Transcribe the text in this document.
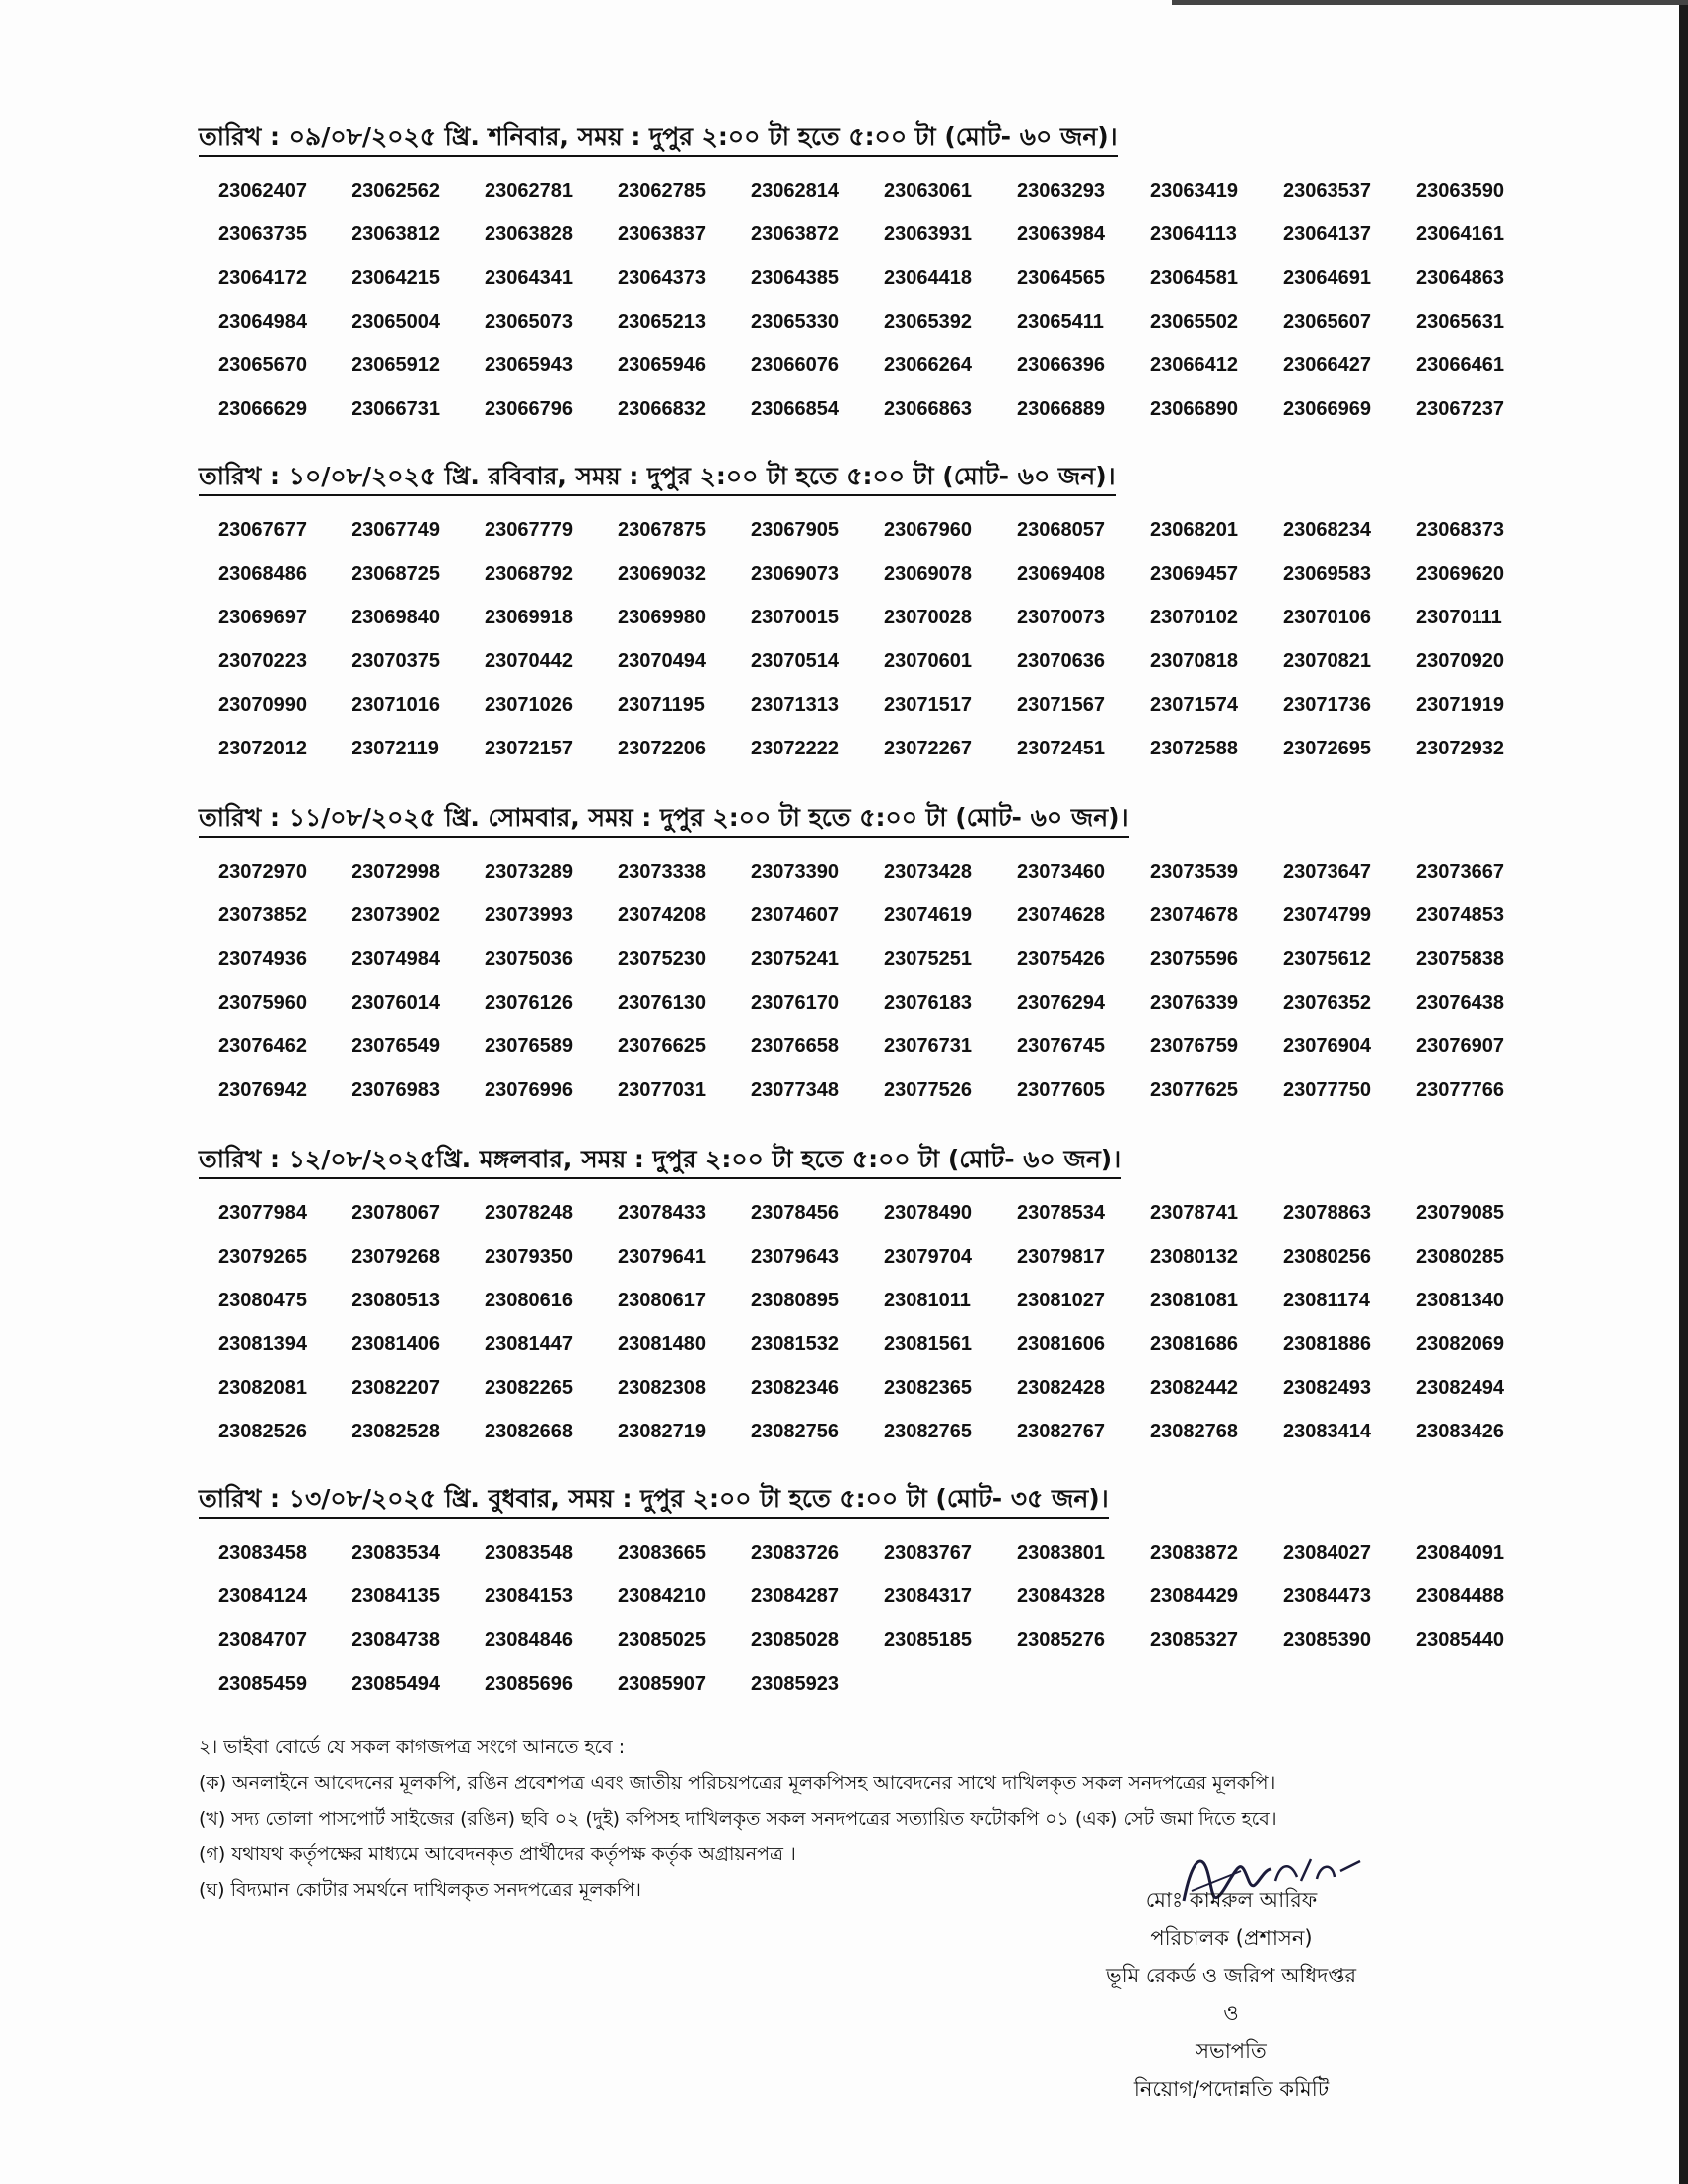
তারিখ : ০৯/০৮/২০২৫ খ্রি. শনিবার, সময় : দুপুর ২:০০ টা হতে ৫:০০ টা (মোট- ৬০ জন)।
23062407	23062562	23062781	23062785	23062814	23063061	23063293	23063419	23063537	23063590
23063735	23063812	23063828	23063837	23063872	23063931	23063984	23064113	23064137	23064161
23064172	23064215	23064341	23064373	23064385	23064418	23064565	23064581	23064691	23064863
23064984	23065004	23065073	23065213	23065330	23065392	23065411	23065502	23065607	23065631
23065670	23065912	23065943	23065946	23066076	23066264	23066396	23066412	23066427	23066461
23066629	23066731	23066796	23066832	23066854	23066863	23066889	23066890	23066969	23067237
তারিখ : ১০/০৮/২০২৫ খ্রি. রবিবার, সময় : দুপুর ২:০০ টা হতে ৫:০০ টা (মোট- ৬০ জন)।
23067677	23067749	23067779	23067875	23067905	23067960	23068057	23068201	23068234	23068373
23068486	23068725	23068792	23069032	23069073	23069078	23069408	23069457	23069583	23069620
23069697	23069840	23069918	23069980	23070015	23070028	23070073	23070102	23070106	23070111
23070223	23070375	23070442	23070494	23070514	23070601	23070636	23070818	23070821	23070920
23070990	23071016	23071026	23071195	23071313	23071517	23071567	23071574	23071736	23071919
23072012	23072119	23072157	23072206	23072222	23072267	23072451	23072588	23072695	23072932
তারিখ : ১১/০৮/২০২৫ খ্রি. সোমবার, সময় : দুপুর ২:০০ টা হতে ৫:০০ টা (মোট- ৬০ জন)।
23072970	23072998	23073289	23073338	23073390	23073428	23073460	23073539	23073647	23073667
23073852	23073902	23073993	23074208	23074607	23074619	23074628	23074678	23074799	23074853
23074936	23074984	23075036	23075230	23075241	23075251	23075426	23075596	23075612	23075838
23075960	23076014	23076126	23076130	23076170	23076183	23076294	23076339	23076352	23076438
23076462	23076549	23076589	23076625	23076658	23076731	23076745	23076759	23076904	23076907
23076942	23076983	23076996	23077031	23077348	23077526	23077605	23077625	23077750	23077766
তারিখ : ১২/০৮/২০২৫খ্রি. মঙ্গলবার, সময় : দুপুর ২:০০ টা হতে ৫:০০ টা (মোট- ৬০ জন)।
23077984	23078067	23078248	23078433	23078456	23078490	23078534	23078741	23078863	23079085
23079265	23079268	23079350	23079641	23079643	23079704	23079817	23080132	23080256	23080285
23080475	23080513	23080616	23080617	23080895	23081011	23081027	23081081	23081174	23081340
23081394	23081406	23081447	23081480	23081532	23081561	23081606	23081686	23081886	23082069
23082081	23082207	23082265	23082308	23082346	23082365	23082428	23082442	23082493	23082494
23082526	23082528	23082668	23082719	23082756	23082765	23082767	23082768	23083414	23083426
তারিখ : ১৩/০৮/২০২৫ খ্রি. বুধবার, সময় : দুপুর ২:০০ টা হতে ৫:০০ টা (মোট- ৩৫ জন)।
23083458	23083534	23083548	23083665	23083726	23083767	23083801	23083872	23084027	23084091
23084124	23084135	23084153	23084210	23084287	23084317	23084328	23084429	23084473	23084488
23084707	23084738	23084846	23085025	23085028	23085185	23085276	23085327	23085390	23085440
23085459	23085494	23085696	23085907	23085923
২। ভাইবা বোর্ডে যে সকল কাগজপত্র সংগে আনতে হবে :
(ক) অনলাইনে আবেদনের মূলকপি, রঙিন প্রবেশপত্র এবং জাতীয় পরিচয়পত্রের মূলকপিসহ আবেদনের সাথে দাখিলকৃত সকল সনদপত্রের মূলকপি।
(খ) সদ্য তোলা পাসপোর্ট সাইজের (রঙিন) ছবি ০২ (দুই) কপিসহ দাখিলকৃত সকল সনদপত্রের সত্যায়িত ফটোকপি ০১ (এক) সেট জমা দিতে হবে।
(গ) যথাযথ কর্তৃপক্ষের মাধ্যমে আবেদনকৃত প্রার্থীদের কর্তৃপক্ষ কর্তৃক অগ্রায়নপত্র ।
(ঘ) বিদ্যমান কোটার সমর্থনে দাখিলকৃত সনদপত্রের মূলকপি।	মোঃ কামরুল আরিফ
পরিচালক (প্রশাসন)
ভূমি রেকর্ড ও জরিপ অধিদপ্তর
ও
সভাপতি
নিয়োগ/পদোন্নতি কমিটি
